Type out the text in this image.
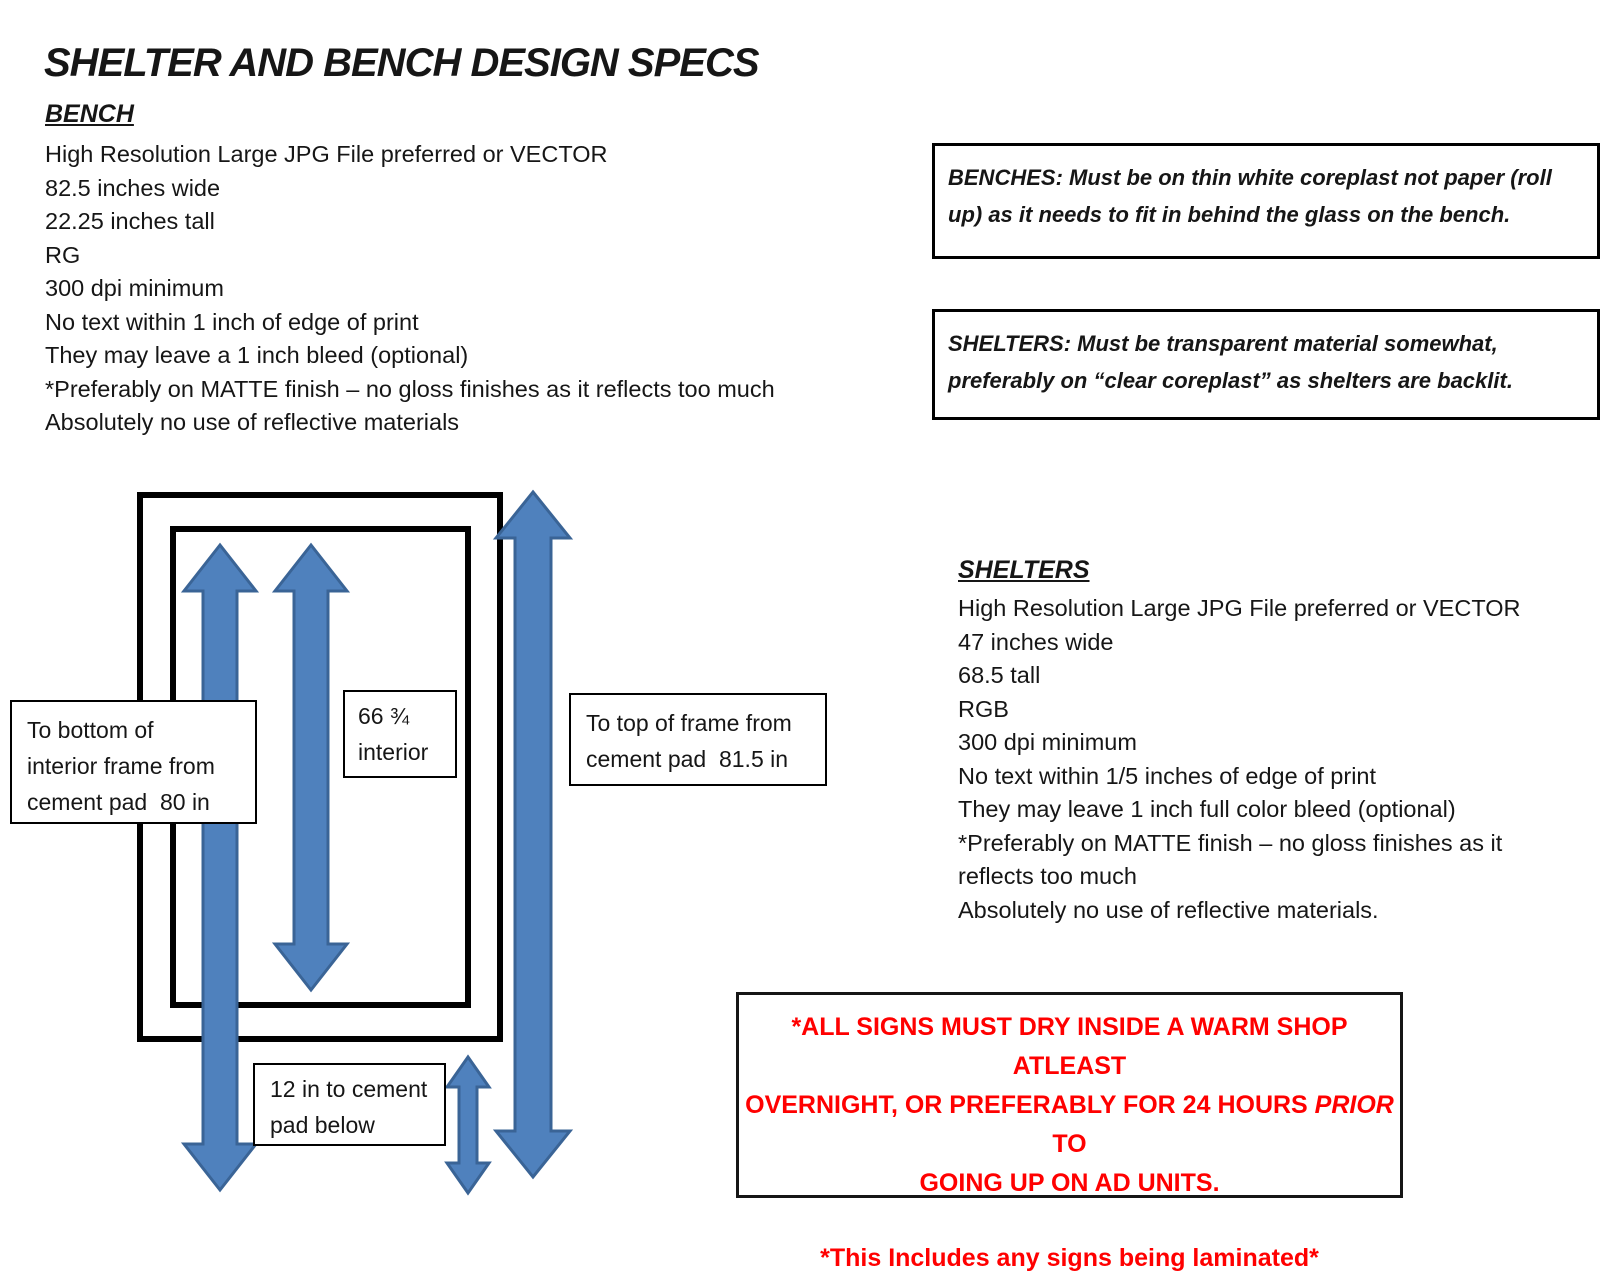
SHELTER AND BENCH DESIGN SPECS
BENCH
High Resolution Large JPG File preferred or VECTOR
82.5 inches wide
22.25 inches tall
RG
300 dpi minimum
No text within 1 inch of edge of print
They may leave a 1 inch bleed (optional)
*Preferably on MATTE finish – no gloss finishes as it reflects too much
Absolutely no use of reflective materials
BENCHES: Must be on thin white coreplast not paper (roll
up) as it needs to fit in behind the glass on the bench.
SHELTERS: Must be transparent material somewhat,
preferably on “clear coreplast” as shelters are backlit.
SHELTERS
High Resolution Large JPG File preferred or VECTOR
47 inches wide
68.5 tall
RGB
300 dpi minimum
No text within 1/5 inches of edge of print
They may leave 1 inch full color bleed (optional)
*Preferably on MATTE finish – no gloss finishes as it
reflects too much
Absolutely no use of reflective materials.
To bottom of
interior frame from
cement pad  80 in
66 ¾
interior
To top of frame from
cement pad  81.5 in
12 in to cement
pad below
*ALL SIGNS MUST DRY INSIDE A WARM SHOP ATLEAST
OVERNIGHT, OR PREFERABLY FOR 24 HOURS PRIOR TO
GOING UP ON AD UNITS.
*This Includes any signs being laminated*
